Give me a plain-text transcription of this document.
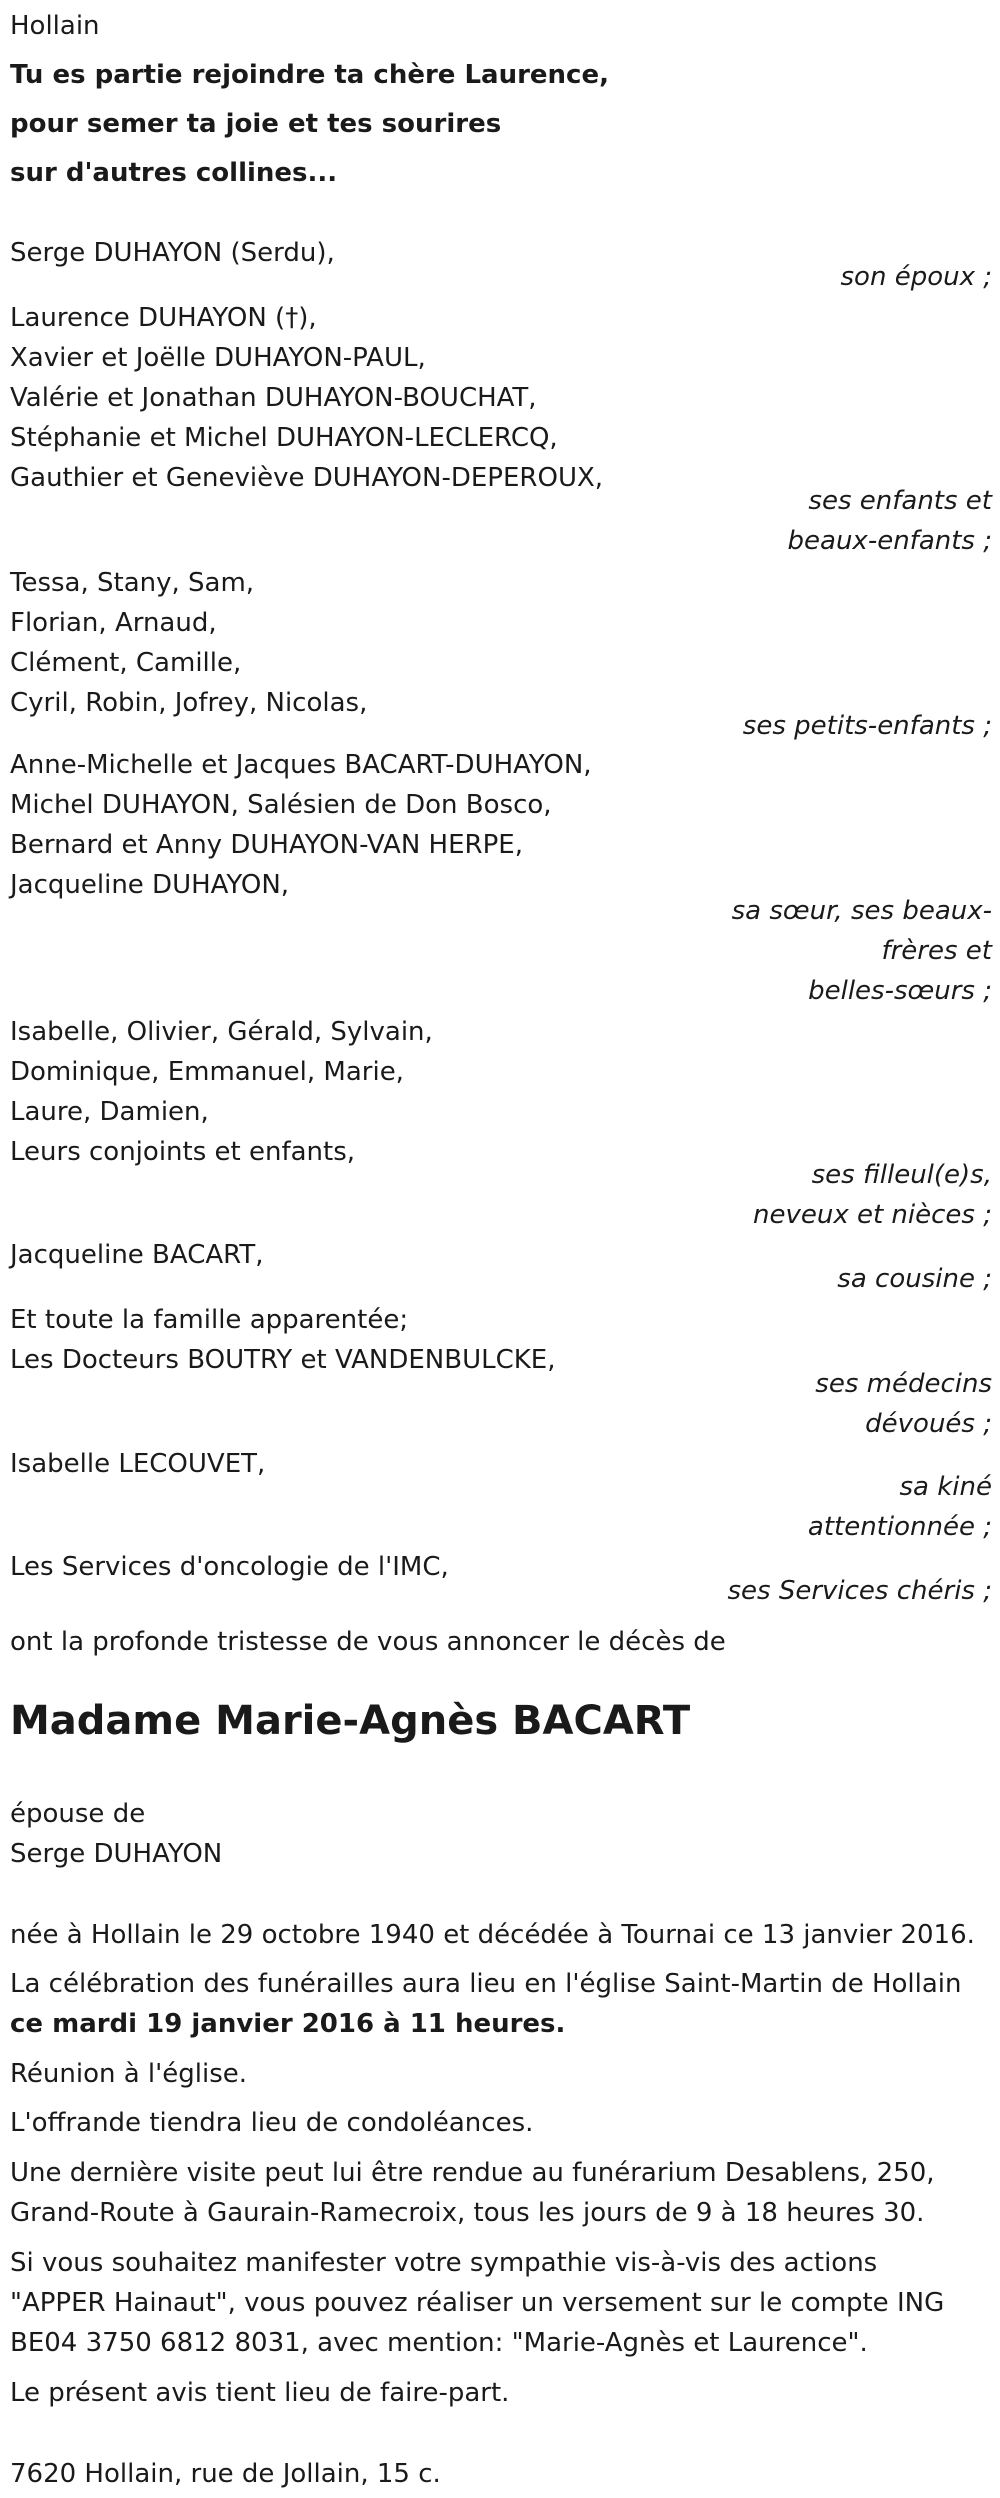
Hollain
Tu es partie rejoindre ta chère Laurence,
pour semer ta joie et tes sourires
sur d'autres collines...
Serge DUHAYON (Serdu),
son époux ;
Laurence DUHAYON (†),
Xavier et Joëlle DUHAYON-PAUL,
Valérie et Jonathan DUHAYON-BOUCHAT,
Stéphanie et Michel DUHAYON-LECLERCQ,
Gauthier et Geneviève DUHAYON-DEPEROUX,
ses enfants et
beaux-enfants ;
Tessa, Stany, Sam,
Florian, Arnaud,
Clément, Camille,
Cyril, Robin, Jofrey, Nicolas,
ses petits-enfants ;
Anne-Michelle et Jacques BACART-DUHAYON,
Michel DUHAYON, Salésien de Don Bosco,
Bernard et Anny DUHAYON-VAN HERPE,
Jacqueline DUHAYON,
sa sœur, ses beaux-
frères et
belles-sœurs ;
Isabelle, Olivier, Gérald, Sylvain,
Dominique, Emmanuel, Marie,
Laure, Damien,
Leurs conjoints et enfants,
ses filleul(e)s,
neveux et nièces ;
Jacqueline BACART,
sa cousine ;
Et toute la famille apparentée;
Les Docteurs BOUTRY et VANDENBULCKE,
ses médecins
dévoués ;
Isabelle LECOUVET,
sa kiné
attentionnée ;
Les Services d'oncologie de l'IMC,
ses Services chéris ;
ont la profonde tristesse de vous annoncer le décès de
Madame Marie-Agnès BACART
épouse de
Serge DUHAYON
née à Hollain le 29 octobre 1940 et décédée à Tournai ce 13 janvier 2016.
La célébration des funérailles aura lieu en l'église Saint-Martin de Hollain
ce mardi 19 janvier 2016 à 11 heures.
Réunion à l'église.
L'offrande tiendra lieu de condoléances.
Une dernière visite peut lui être rendue au funérarium Desablens, 250,
Grand-Route à Gaurain-Ramecroix, tous les jours de 9 à 18 heures 30.
Si vous souhaitez manifester votre sympathie vis-à-vis des actions
"APPER Hainaut", vous pouvez réaliser un versement sur le compte ING
BE04 3750 6812 8031, avec mention: "Marie-Agnès et Laurence".
Le présent avis tient lieu de faire-part.
7620 Hollain, rue de Jollain, 15 c.
